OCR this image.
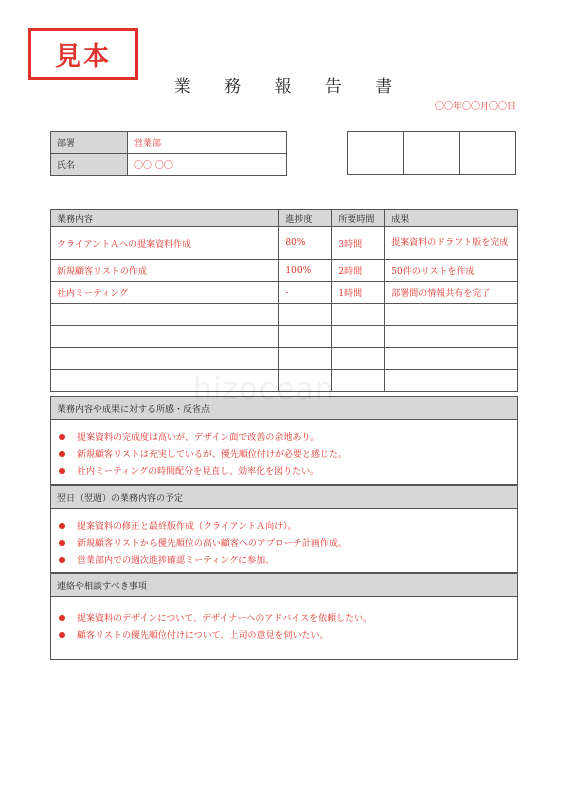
見本
業 務 報 告 書
〇〇年〇〇月〇〇日
部署	営業部
氏名	〇〇 〇〇

業務内容	進捗度	所要時間	成果
クライアントＡへの提案資料作成	80%	3時間	提案資料のドラフト版を完成
新規顧客リストの作成	100%	2時間	50件のリストを作成
社内ミーティング	-	1時間	部署間の情報共有を完了

業務内容や成果に対する所感・反省点
提案資料の完成度は高いが、デザイン面で改善の余地あり。
新規顧客リストは充実しているが、優先順位付けが必要と感じた。
社内ミーティングの時間配分を見直し、効率化を図りたい。
翌日（翌週）の業務内容の予定
提案資料の修正と最終版作成（クライアントＡ向け）。
新規顧客リストから優先順位の高い顧客へのアプローチ計画作成。
営業部内での週次進捗確認ミーティングに参加。
連絡や相談すべき事項
提案資料のデザインについて、デザイナーへのアドバイスを依頼したい。
顧客リストの優先順位付けについて、上司の意見を伺いたい。
hizocean
